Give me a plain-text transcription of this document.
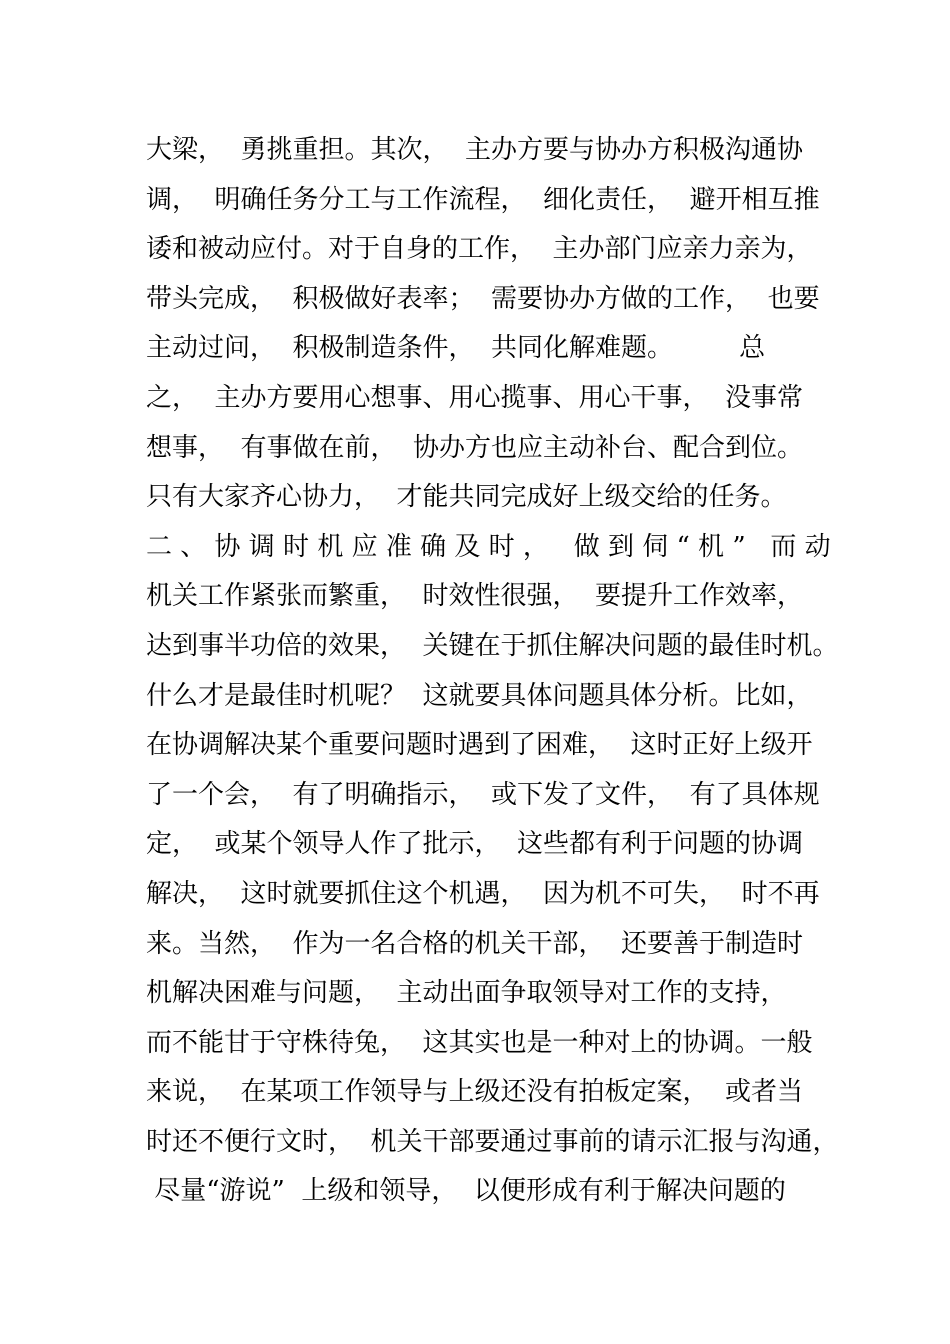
大梁，  勇挑重担。其次，  主办方要与协办方积极沟通协
调，  明确任务分工与工作流程，  细化责任，  避开相互推
诿和被动应付。对于自身的工作，  主办部门应亲力亲为，
带头完成，  积极做好表率；  需要协办方做的工作，  也要
主动过问，  积极制造条件，  共同化解难题。        总
之，  主办方要用心想事、用心揽事、用心干事，  没事常
想事，  有事做在前，  协办方也应主动补台、配合到位。
只有大家齐心协力，  才能共同完成好上级交给的任务。
二 、 协 调 时 机 应 准 确 及 时 ，   做 到 伺 “ 机 ”   而 动
机关工作紧张而繁重，  时效性很强，  要提升工作效率，
达到事半功倍的效果，  关键在于抓住解决问题的最佳时机。
什么才是最佳时机呢？  这就要具体问题具体分析。比如，
在协调解决某个重要问题时遇到了困难，  这时正好上级开
了一个会，  有了明确指示，  或下发了文件，  有了具体规
定，  或某个领导人作了批示，  这些都有利于问题的协调
解决，  这时就要抓住这个机遇，  因为机不可失，  时不再
来。当然，  作为一名合格的机关干部，  还要善于制造时
机解决困难与问题，  主动出面争取领导对工作的支持，
而不能甘于守株待兔，  这其实也是一种对上的协调。一般
来说，  在某项工作领导与上级还没有拍板定案，  或者当
时还不便行文时，  机关干部要通过事前的请示汇报与沟通，
尽量“游说”  上级和领导，  以便形成有利于解决问题的
